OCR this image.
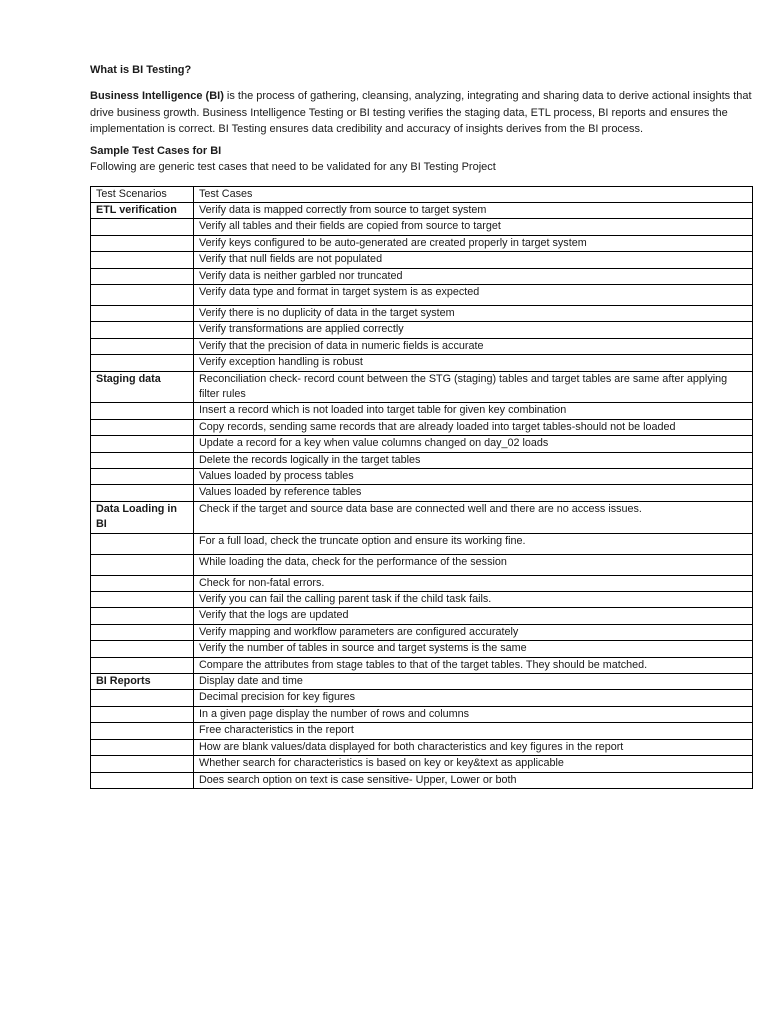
What is BI Testing?

Business Intelligence (BI) is the process of gathering, cleansing, analyzing, integrating and sharing data to derive actional insights that drive business growth. Business Intelligence Testing or BI testing verifies the staging data, ETL process, BI reports and ensures the implementation is correct. BI Testing ensures data credibility and accuracy of insights derives from the BI process.

Sample Test Cases for BI

Following are generic test cases that need to be validated for any BI Testing Project

Test Scenarios	Test Cases
ETL verification	Verify data is mapped correctly from source to target system
	Verify all tables and their fields are copied from source to target
	Verify keys configured to be auto-generated are created properly in target system
	Verify that null fields are not populated
	Verify data is neither garbled nor truncated
	Verify data type and format in target system is as expected
	Verify there is no duplicity of data in the target system
	Verify transformations are applied correctly
	Verify that the precision of data in numeric fields is accurate
	Verify exception handling is robust
Staging data	Reconciliation check- record count between the STG (staging) tables and target tables are same after applying filter rules
	Insert a record which is not loaded into target table for given key combination
	Copy records, sending same records that are already loaded into target tables-should not be loaded
	Update a record for a key when value columns changed on day_02 loads
	Delete the records logically in the target tables
	Values loaded by process tables
	Values loaded by reference tables
Data Loading in BI	Check if the target and source data base are connected well and there are no access issues.
	For a full load, check the truncate option and ensure its working fine.
	While loading the data, check for the performance of the session
	Check for non-fatal errors.
	Verify you can fail the calling parent task if the child task fails.
	Verify that the logs are updated
	Verify mapping and workflow parameters are configured accurately
	Verify the number of tables in source and target systems is the same
	Compare the attributes from stage tables to that of the target tables. They should be matched.
BI Reports	Display date and time
	Decimal precision for key figures
	In a given page display the number of rows and columns
	Free characteristics in the report
	How are blank values/data displayed for both characteristics and key figures in the report
	Whether search for characteristics is based on key or key&text as applicable
	Does search option on text is case sensitive- Upper, Lower or both
